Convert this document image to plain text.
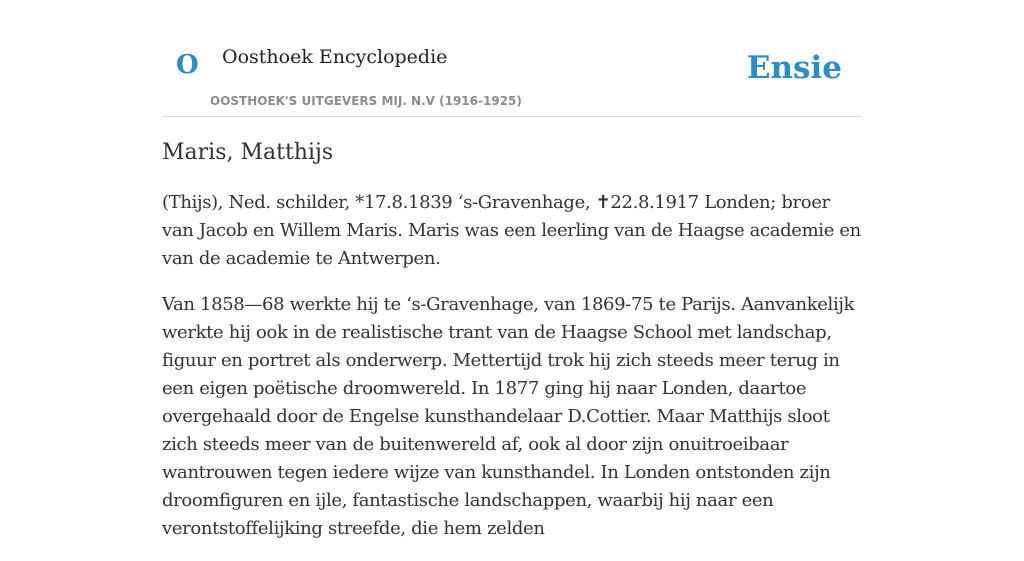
O Oosthoek Encyclopedie
OOSTHOEK'S UITGEVERS MIJ. N.V (1916-1925)
Ensie
Maris, Matthijs

(Thijs), Ned. schilder, *17.8.1839 ‘s-Gravenhage, ✝22.8.1917 Londen; broer van Jacob en Willem Maris. Maris was een leerling van de Haagse academie en van de academie te Antwerpen.

Van 1858—68 werkte hij te ‘s-Gravenhage, van 1869-75 te Parijs. Aanvankelijk werkte hij ook in de realistische trant van de Haagse School met landschap, figuur en portret als onderwerp. Mettertijd trok hij zich steeds meer terug in een eigen poëtische droomwereld. In 1877 ging hij naar Londen, daartoe overgehaald door de Engelse kunsthandelaar D.Cottier. Maar Matthijs sloot zich steeds meer van de buitenwereld af, ook al door zijn onuitroeibaar wantrouwen tegen iedere wijze van kunsthandel. In Londen ontstonden zijn droomfiguren en ijle, fantastische landschappen, waarbij hij naar een verontstoffelijking streefde, die hem zelden
